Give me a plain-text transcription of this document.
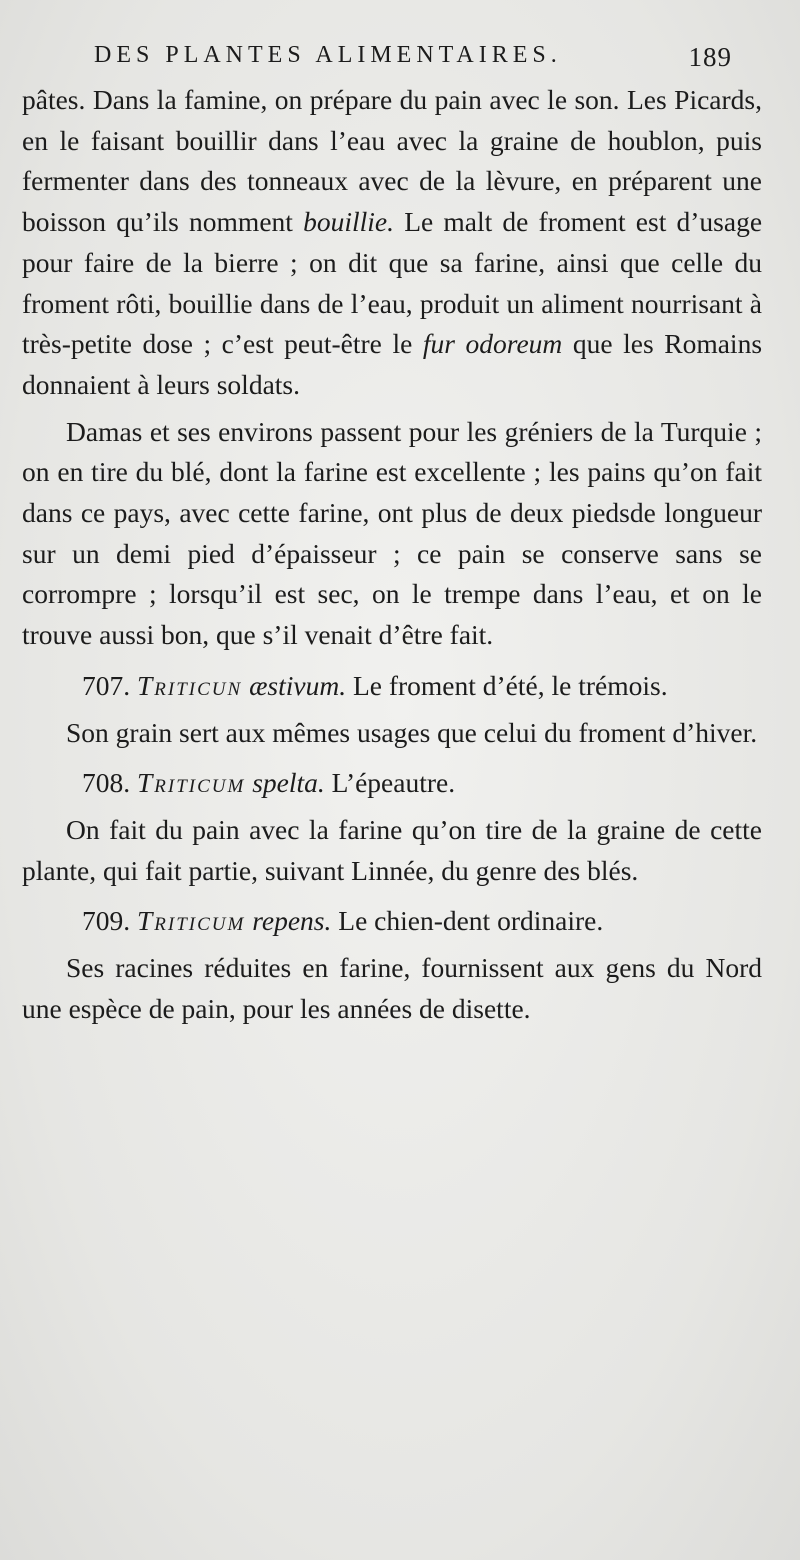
DES PLANTES ALIMENTAIRES.	189

pâtes. Dans la famine, on prépare du pain avec le son. Les Picards, en le faisant bouillir dans l’eau avec la graine de houblon, puis fermenter dans des tonneaux avec de la lèvure, en préparent une boisson qu’ils nomment bouillie. Le malt de froment est d’usage pour faire de la bierre ; on dit que sa farine, ainsi que celle du froment rôti, bouillie dans de l’eau, produit un aliment nourrisant à très-petite dose ; c’est peut-être le fur odoreum que les Romains donnaient à leurs soldats.

Damas et ses environs passent pour les gréniers de la Turquie ; on en tire du blé, dont la farine est excellente ; les pains qu’on fait dans ce pays, avec cette farine, ont plus de deux piedsde longueur sur un demi pied d’épaisseur ; ce pain se conserve sans se corrompre ; lorsqu’il est sec, on le trempe dans l’eau, et on le trouve aussi bon, que s’il venait d’être fait.

707. Triticun æstivum. Le froment d’été, le trémois.

Son grain sert aux mêmes usages que celui du froment d’hiver.

708. Triticum spelta. L’épeautre.

On fait du pain avec la farine qu’on tire de la graine de cette plante, qui fait partie, suivant Linnée, du genre des blés.

709. Triticum repens. Le chien-dent ordinaire.

Ses racines réduites en farine, fournissent aux gens du Nord une espèce de pain, pour les années de disette.
